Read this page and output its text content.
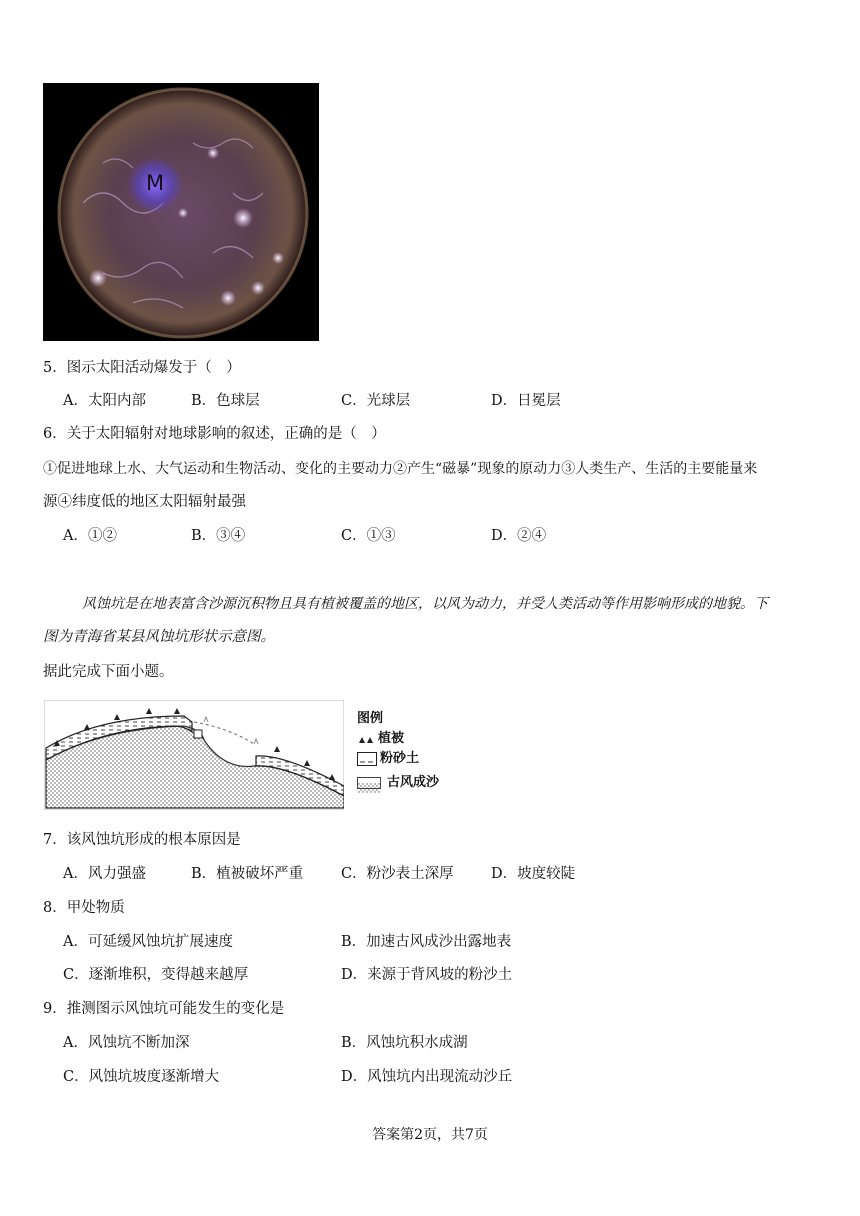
M
5．图示太阳活动爆发于（　）
A．太阳内部	B．色球层	C．光球层	D．日冕层
6．关于太阳辐射对地球影响的叙述，正确的是（　）
①促进地球上水、大气运动和生物活动、变化的主要动力②产生“磁暴”现象的原动力③人类生产、生活的主要能量来
源④纬度低的地区太阳辐射最强
A．①②	B．③④	C．①③	D．②④
风蚀坑是在地表富含沙源沉积物且具有植被覆盖的地区，以风为动力，并受人类活动等作用影响形成的地貌。下
图为青海省某县风蚀坑形状示意图。
据此完成下面小题。
图例
植被
粉砂土
古风成沙
7．该风蚀坑形成的根本原因是
A．风力强盛	B．植被破坏严重	C．粉沙表土深厚	D．坡度较陡
8．甲处物质
A．可延缓风蚀坑扩展速度	B．加速古风成沙出露地表
C．逐渐堆积，变得越来越厚	D．来源于背风坡的粉沙土
9．推测图示风蚀坑可能发生的变化是
A．风蚀坑不断加深	B．风蚀坑积水成湖
C．风蚀坑坡度逐渐增大	D．风蚀坑内出现流动沙丘
答案第2页，共7页
